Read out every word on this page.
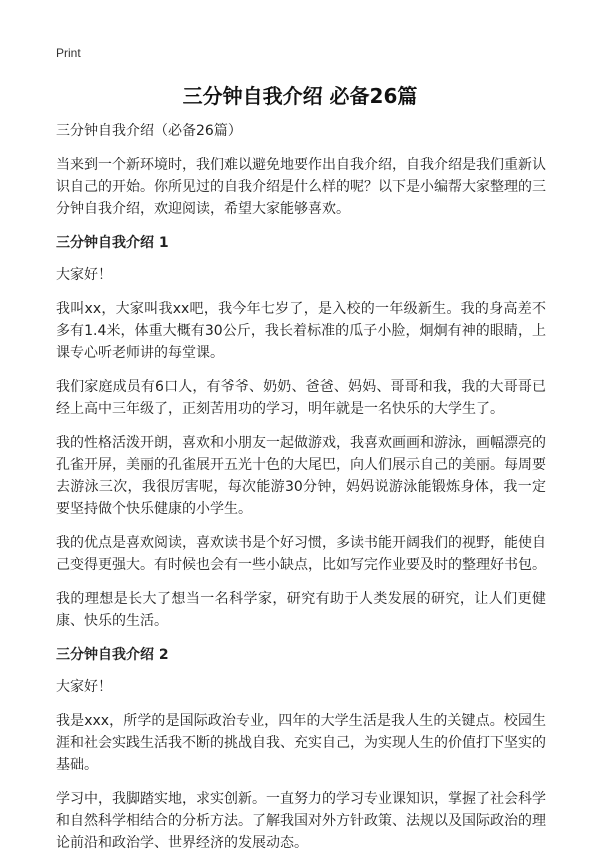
Print
三分钟自我介绍 必备26篇
三分钟自我介绍（必备26篇）

当来到一个新环境时，我们难以避免地要作出自我介绍，自我介绍是我们重新认识自己的开始。你所见过的自我介绍是什么样的呢？以下是小编帮大家整理的三分钟自我介绍，欢迎阅读，希望大家能够喜欢。

三分钟自我介绍 1

大家好！

我叫xx，大家叫我xx吧，我今年七岁了，是入校的一年级新生。我的身高差不多有1.4米，体重大概有30公斤，我长着标准的瓜子小脸，炯炯有神的眼睛，上课专心听老师讲的每堂课。

我们家庭成员有6口人，有爷爷、奶奶、爸爸、妈妈、哥哥和我，我的大哥哥已经上高中三年级了，正刻苦用功的学习，明年就是一名快乐的大学生了。

我的性格活泼开朗，喜欢和小朋友一起做游戏，我喜欢画画和游泳，画幅漂亮的孔雀开屏，美丽的孔雀展开五光十色的大尾巴，向人们展示自己的美丽。每周要去游泳三次，我很厉害呢，每次能游30分钟，妈妈说游泳能锻炼身体，我一定要坚持做个快乐健康的小学生。

我的优点是喜欢阅读，喜欢读书是个好习惯，多读书能开阔我们的视野，能使自己变得更强大。有时候也会有一些小缺点，比如写完作业要及时的整理好书包。

我的理想是长大了想当一名科学家，研究有助于人类发展的研究，让人们更健康、快乐的生活。

三分钟自我介绍 2

大家好！

我是xxx，所学的是国际政治专业，四年的大学生活是我人生的关键点。校园生涯和社会实践生活我不断的挑战自我、充实自己，为实现人生的价值打下坚实的基础。

学习中，我脚踏实地，求实创新。一直努力的学习专业课知识，掌握了社会科学和自然科学相结合的分析方法。了解我国对外方针政策、法规以及国际政治的理论前沿和政治学、世界经济的发展动态。
